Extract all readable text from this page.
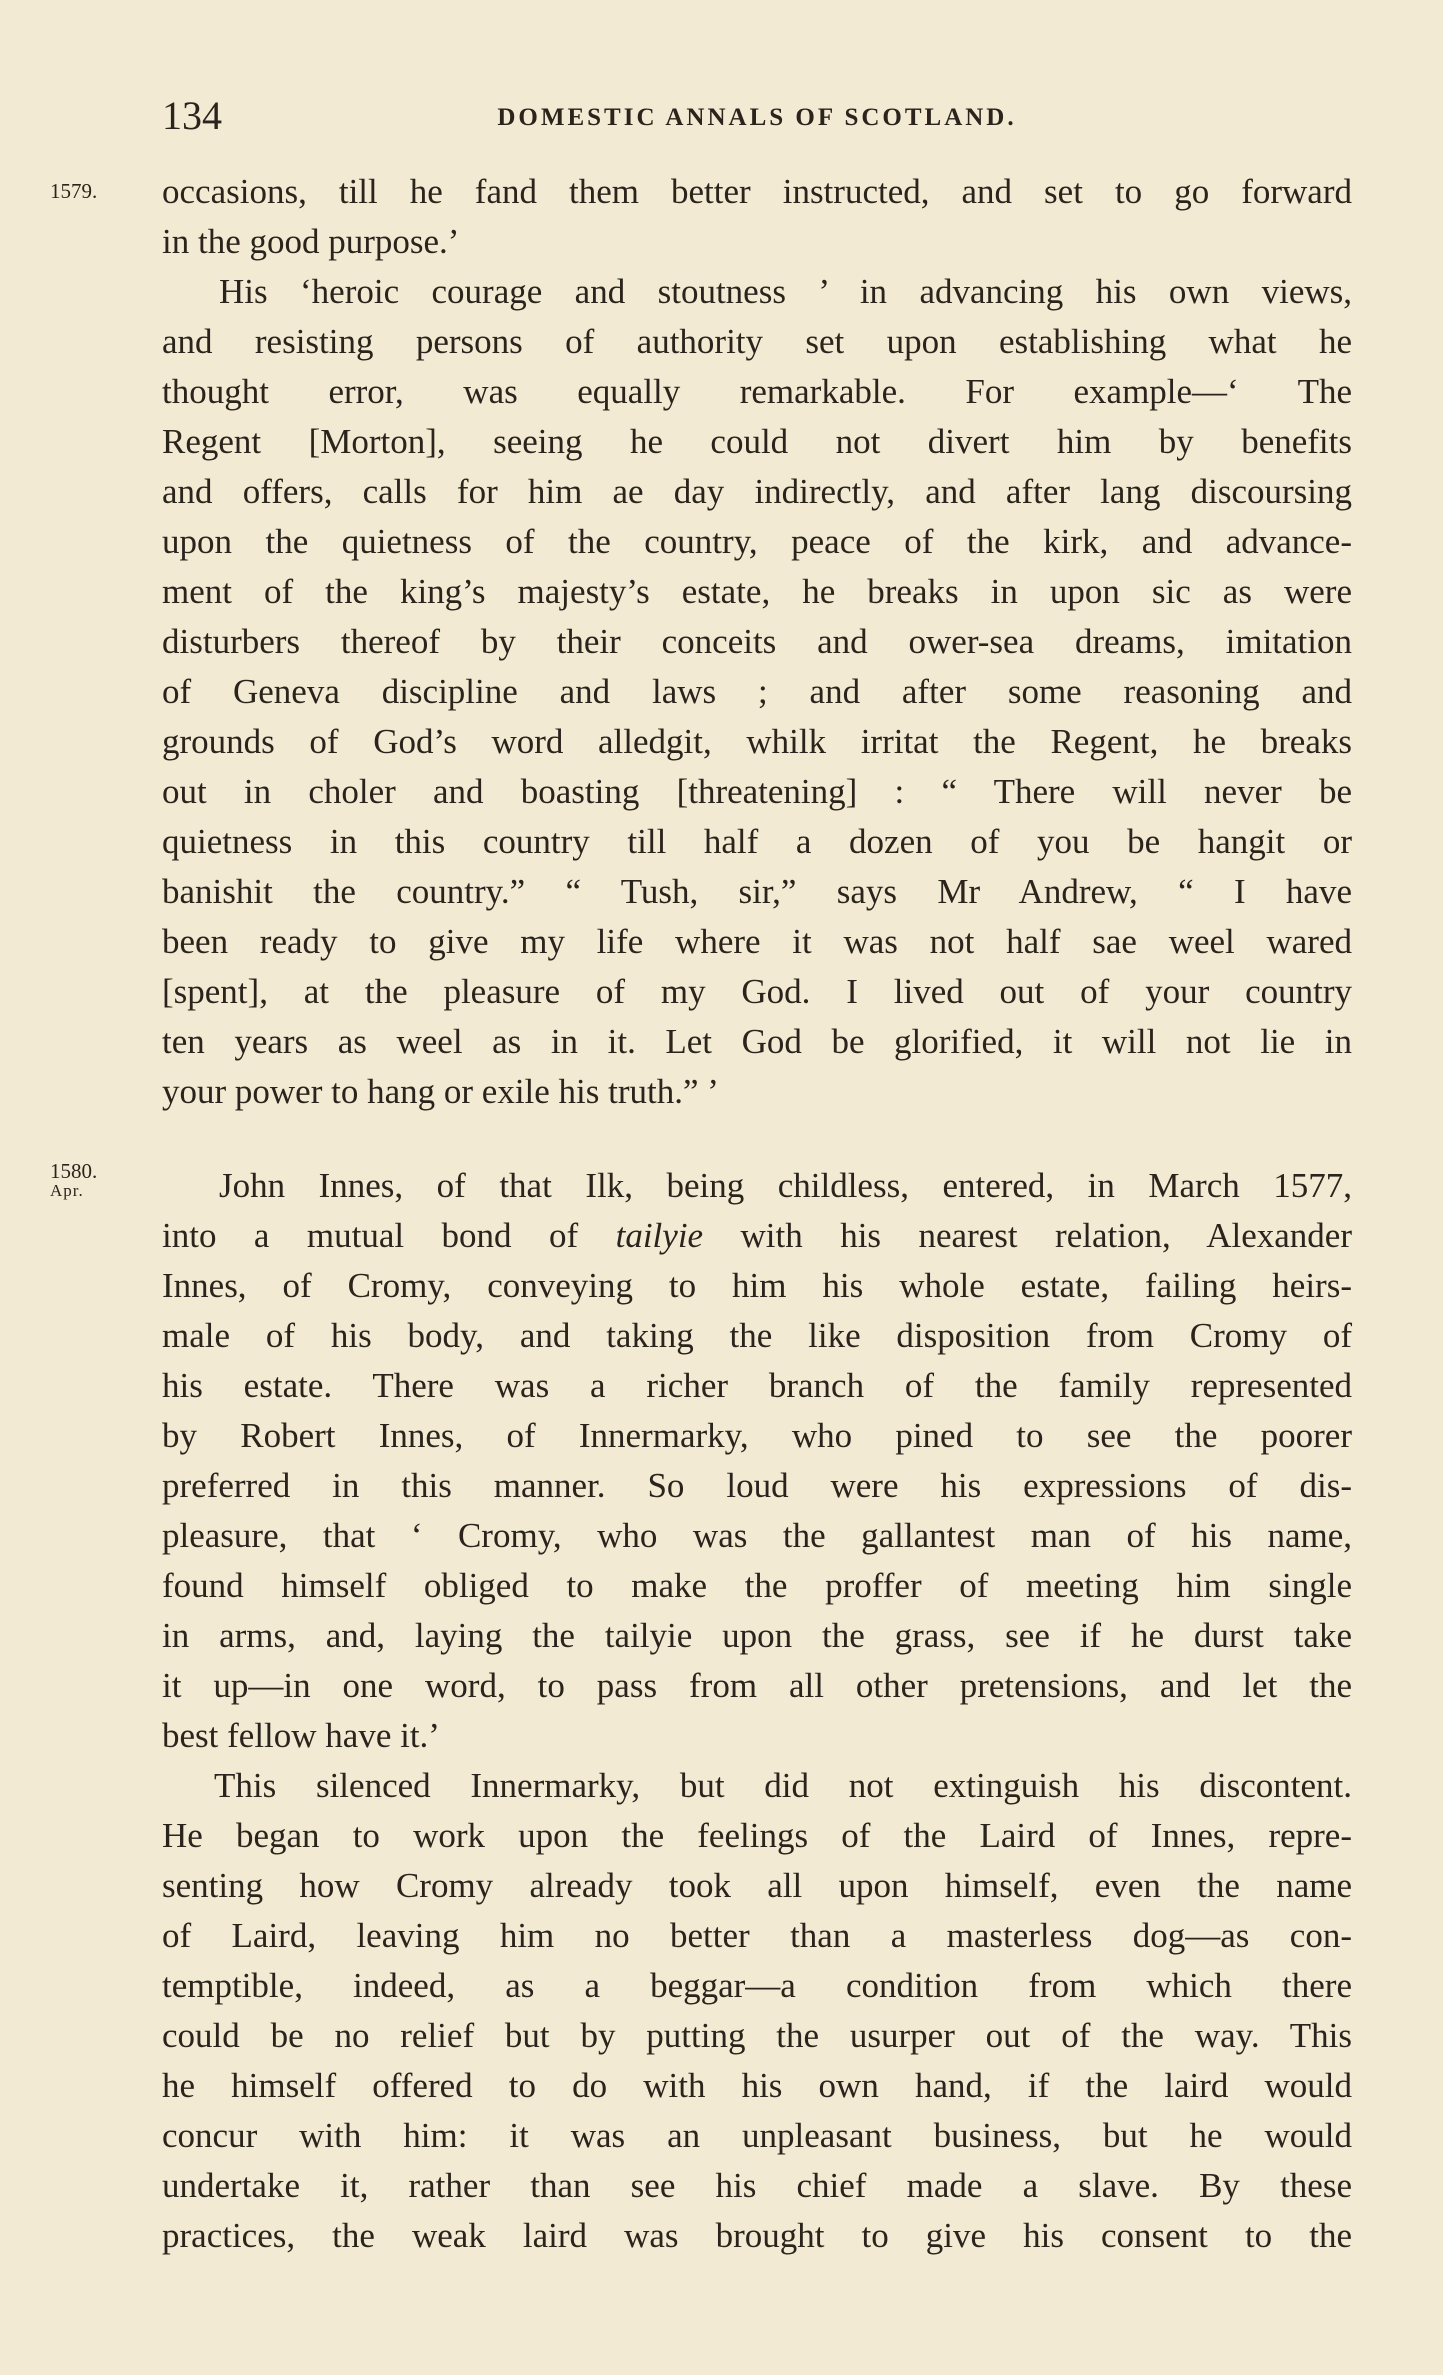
134	DOMESTIC ANNALS OF SCOTLAND.
1579.
1580.
Apr.
occasions, till he fand them better instructed, and set to go forward
in the good purpose.’
His ‘heroic courage and stoutness ’ in advancing his own views,
and resisting persons of authority set upon establishing what he
thought error, was equally remarkable. For example—‘ The
Regent [Morton], seeing he could not divert him by benefits
and offers, calls for him ae day indirectly, and after lang discoursing
upon the quietness of the country, peace of the kirk, and advance-
ment of the king’s majesty’s estate, he breaks in upon sic as were
disturbers thereof by their conceits and ower-sea dreams, imitation
of Geneva discipline and laws ; and after some reasoning and
grounds of God’s word alledgit, whilk irritat the Regent, he breaks
out in choler and boasting [threatening] : “ There will never be
quietness in this country till half a dozen of you be hangit or
banishit the country.” “ Tush, sir,” says Mr Andrew, “ I have
been ready to give my life where it was not half sae weel wared
[spent], at the pleasure of my God. I lived out of your country
ten years as weel as in it. Let God be glorified, it will not lie in
your power to hang or exile his truth.” ’
John Innes, of that Ilk, being childless, entered, in March 1577,
into a mutual bond of tailyie with his nearest relation, Alexander
Innes, of Cromy, conveying to him his whole estate, failing heirs-
male of his body, and taking the like disposition from Cromy of
his estate. There was a richer branch of the family represented
by Robert Innes, of Innermarky, who pined to see the poorer
preferred in this manner. So loud were his expressions of dis-
pleasure, that ‘ Cromy, who was the gallantest man of his name,
found himself obliged to make the proffer of meeting him single
in arms, and, laying the tailyie upon the grass, see if he durst take
it up—in one word, to pass from all other pretensions, and let the
best fellow have it.’
This silenced Innermarky, but did not extinguish his discontent.
He began to work upon the feelings of the Laird of Innes, repre-
senting how Cromy already took all upon himself, even the name
of Laird, leaving him no better than a masterless dog—as con-
temptible, indeed, as a beggar—a condition from which there
could be no relief but by putting the usurper out of the way. This
he himself offered to do with his own hand, if the laird would
concur with him: it was an unpleasant business, but he would
undertake it, rather than see his chief made a slave. By these
practices, the weak laird was brought to give his consent to the
